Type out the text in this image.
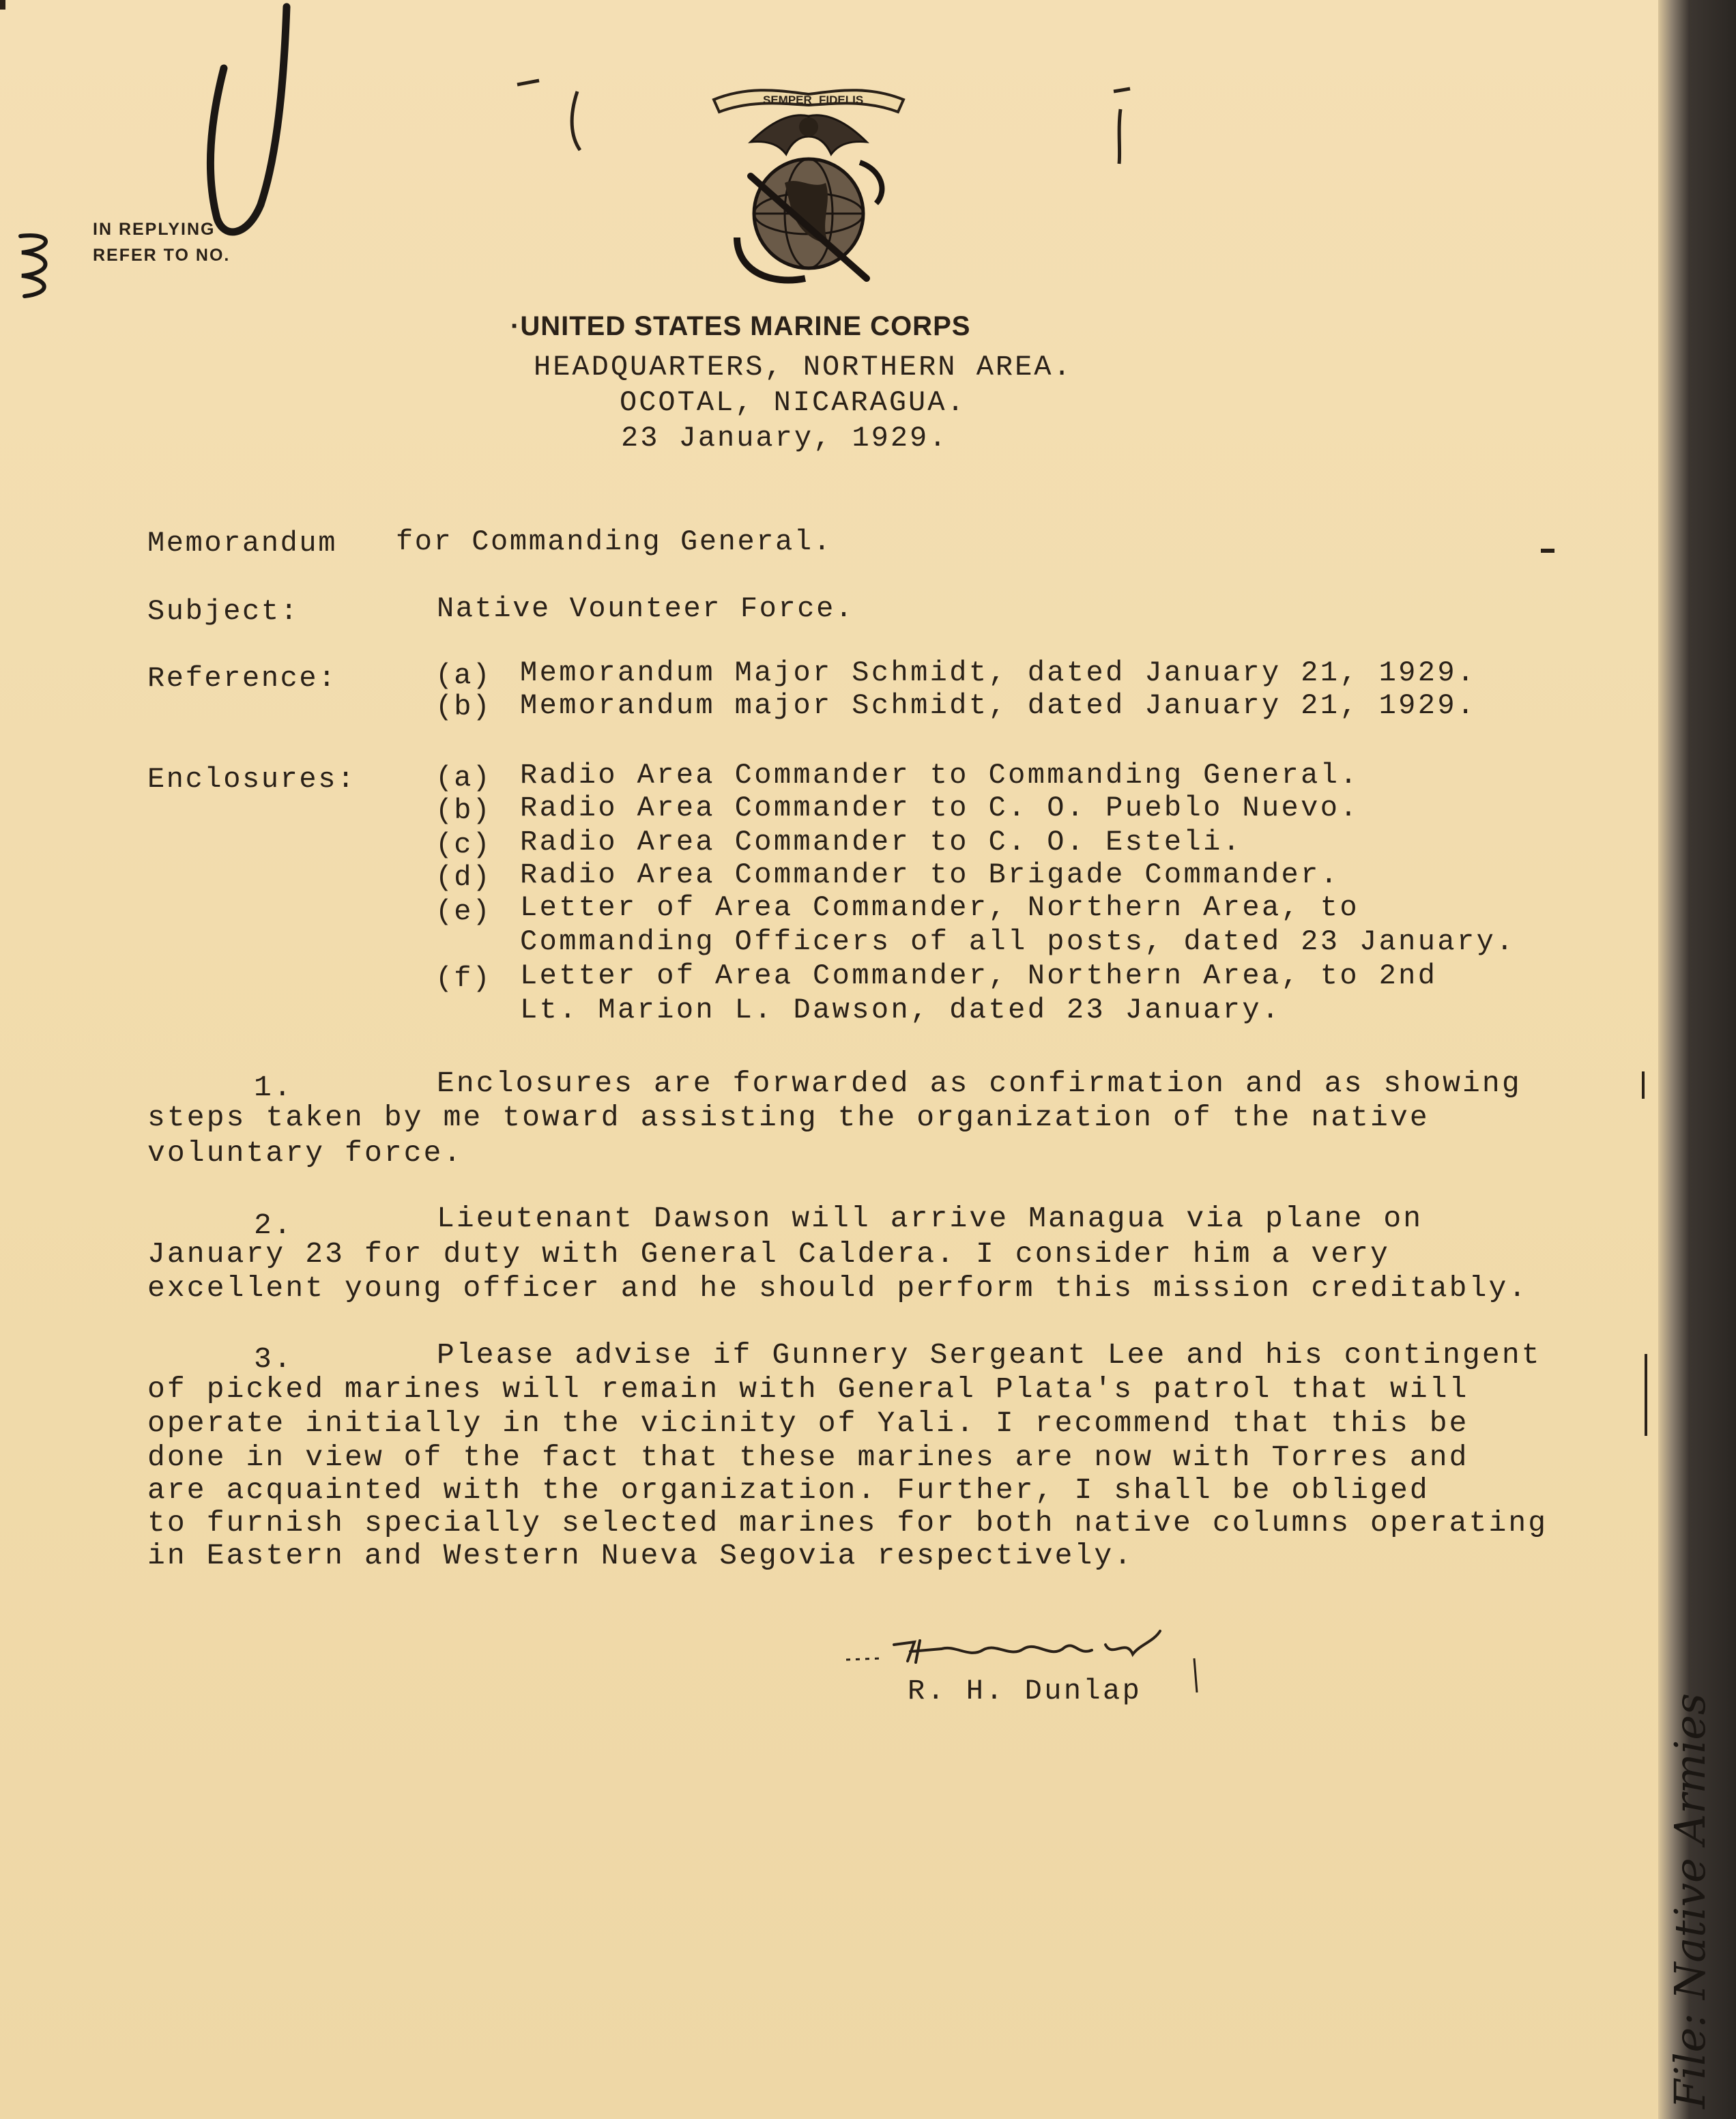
IN REPLYING
REFER TO NO.
SEMPER FIDELIS
·UNITED STATES MARINE CORPS
HEADQUARTERS, NORTHERN AREA.
OCOTAL, NICARAGUA.
23 January, 1929.
Memorandum for Commanding General.
Subject:	Native Vounteer Force.
Reference:	(a) Memorandum Major Schmidt, dated January 21, 1929.
(b) Memorandum major Schmidt, dated January 21, 1929.
Enclosures:	(a) Radio Area Commander to Commanding General.
(b) Radio Area Commander to C. O. Pueblo Nuevo.
(c) Radio Area Commander to C. O. Esteli.
(d) Radio Area Commander to Brigade Commander.
(e) Letter of Area Commander, Northern Area, to
Commanding Officers of all posts, dated 23 January.
(f) Letter of Area Commander, Northern Area, to 2nd
Lt. Marion L. Dawson, dated 23 January.
1.	Enclosures are forwarded as confirmation and as showing
steps taken by me toward assisting the organization of the native
voluntary force.
2.	Lieutenant Dawson will arrive Managua via plane on
January 23 for duty with General Caldera. I consider him a very
excellent young officer and he should perform this mission creditably.
3.	Please advise if Gunnery Sergeant Lee and his contingent
of picked marines will remain with General Plata's patrol that will
operate initially in the vicinity of Yali. I recommend that this be
done in view of the fact that these marines are now with Torres and
are acquainted with the organization. Further, I shall be obliged
to furnish specially selected marines for both native columns operating
in Eastern and Western Nueva Segovia respectively.
R. H. Dunlap
File: Native Armies
